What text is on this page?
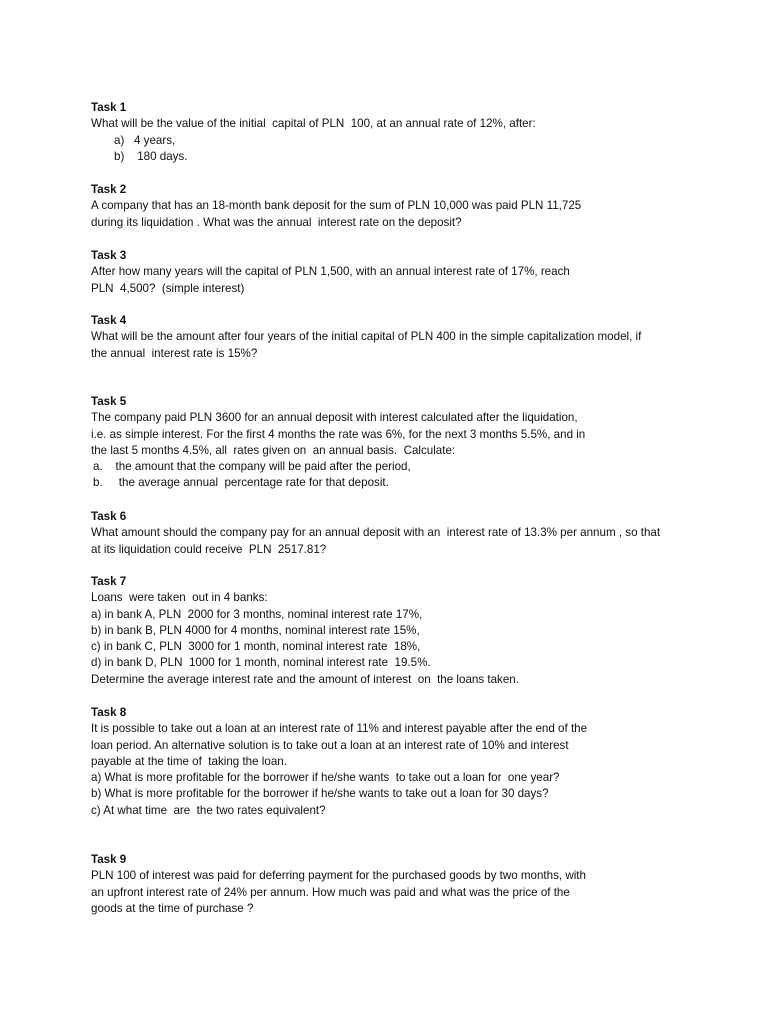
Task 1
What will be the value of the initial  capital of PLN  100, at an annual rate of 12%, after:
a)   4 years,
b)    180 days.
Task 2
A company that has an 18-month bank deposit for the sum of PLN 10,000 was paid PLN 11,725
during its liquidation . What was the annual  interest rate on the deposit?
Task 3
After how many years will the capital of PLN 1,500, with an annual interest rate of 17%, reach
PLN  4,500?  (simple interest)
Task 4
What will be the amount after four years of the initial capital of PLN 400 in the simple capitalization model, if
the annual  interest rate is 15%?
Task 5
The company paid PLN 3600 for an annual deposit with interest calculated after the liquidation,
i.e. as simple interest. For the first 4 months the rate was 6%, for the next 3 months 5.5%, and in
the last 5 months 4.5%, all  rates given on  an annual basis.  Calculate:
a.    the amount that the company will be paid after the period,
b.     the average annual  percentage rate for that deposit.
Task 6
What amount should the company pay for an annual deposit with an  interest rate of 13.3% per annum , so that
at its liquidation could receive  PLN  2517.81?
Task 7
Loans  were taken  out in 4 banks:
a) in bank A, PLN  2000 for 3 months, nominal interest rate 17%,
b) in bank B, PLN 4000 for 4 months, nominal interest rate 15%,
c) in bank C, PLN  3000 for 1 month, nominal interest rate  18%,
d) in bank D, PLN  1000 for 1 month, nominal interest rate  19.5%.
Determine the average interest rate and the amount of interest  on  the loans taken.
Task 8
It is possible to take out a loan at an interest rate of 11% and interest payable after the end of the
loan period. An alternative solution is to take out a loan at an interest rate of 10% and interest
payable at the time of  taking the loan.
a) What is more profitable for the borrower if he/she wants  to take out a loan for  one year?
b) What is more profitable for the borrower if he/she wants to take out a loan for 30 days?
c) At what time  are  the two rates equivalent?
Task 9
PLN 100 of interest was paid for deferring payment for the purchased goods by two months, with
an upfront interest rate of 24% per annum. How much was paid and what was the price of the
goods at the time of purchase ?
